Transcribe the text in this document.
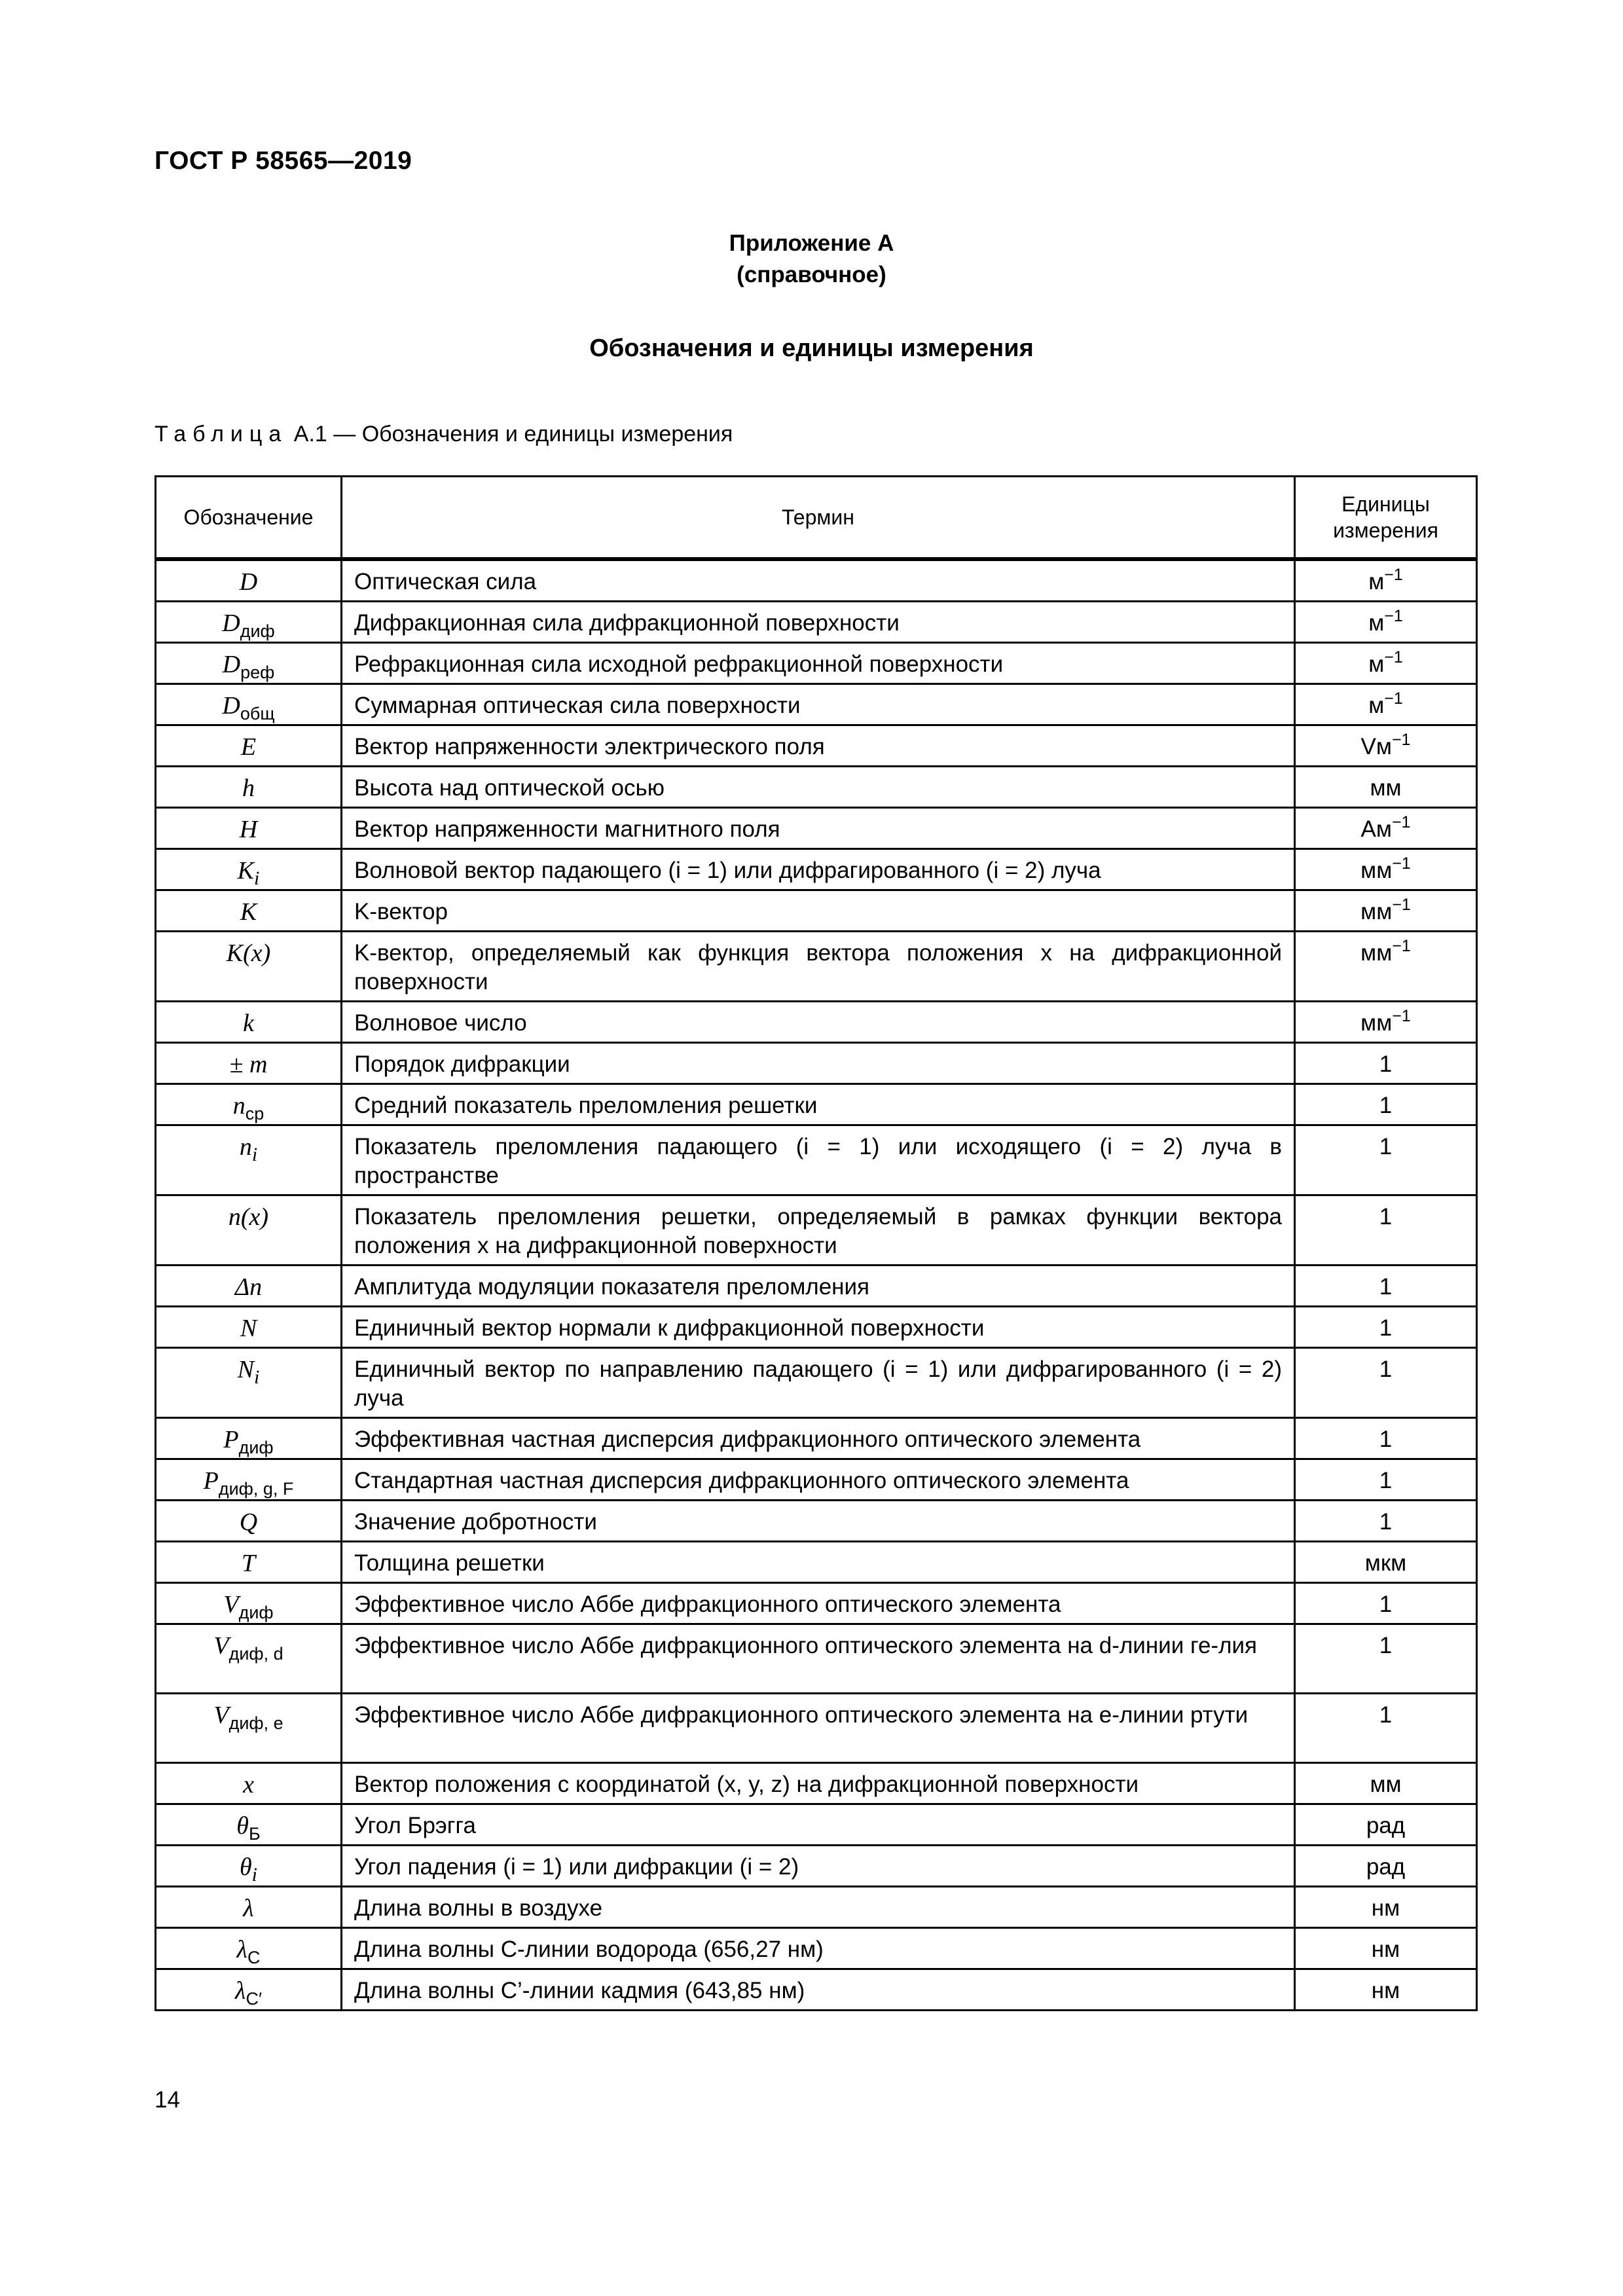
ГОСТ Р 58565—2019
Приложение А
(справочное)
Обозначения и единицы измерения
Таблица А.1 — Обозначения и единицы измерения
Обозначение	Термин	Единицы
измерения
D	Оптическая сила	$м^{-1}$
$D_{диф}$	Дифракционная сила дифракционной поверхности	$м^{-1}$
$D_{реф}$	Рефракционная сила исходной рефракционной поверхности	$м^{-1}$
$D_{общ}$	Суммарная оптическая сила поверхности	$м^{-1}$
E	Вектор напряженности электрического поля	$Vм^{-1}$
h	Высота над оптической осью	мм
H	Вектор напряженности магнитного поля	$Ам^{-1}$
$K_i$	Волновой вектор падающего (i = 1) или дифрагированного (i = 2) луча	$мм^{-1}$
K	K-вектор	$мм^{-1}$
K(x)	K-вектор, определяемый как функция вектора положения x на дифракционной поверхности	$мм^{-1}$
k	Волновое число	$мм^{-1}$
± m	Порядок дифракции	1
$n_{ср}$	Средний показатель преломления решетки	1
$n_i$	Показатель преломления падающего (i = 1) или исходящего (i = 2) луча в пространстве	1
n(x)	Показатель преломления решетки, определяемый в рамках функции вектора положения x на дифракционной поверхности	1
Δn	Амплитуда модуляции показателя преломления	1
N	Единичный вектор нормали к дифракционной поверхности	1
$N_i$	Единичный вектор по направлению падающего (i = 1) или дифрагированного (i = 2) луча	1
$P_{диф}$	Эффективная частная дисперсия дифракционного оптического элемента	1
$P_{диф, g, F}$	Стандартная частная дисперсия дифракционного оптического элемента	1
Q	Значение добротности	1
T	Толщина решетки	мкм
$V_{диф}$	Эффективное число Аббе дифракционного оптического элемента	1
$V_{диф, d}$	Эффективное число Аббе дифракционного оптического элемента на d-линии ге-лия	1
$V_{диф, е}$	Эффективное число Аббе дифракционного оптического элемента на е-линии ртути	1
x	Вектор положения с координатой (x, y, z) на дифракционной поверхности	мм
$\theta_Б$	Угол Брэгга	рад
$\theta_i$	Угол падения (i = 1) или дифракции (i = 2)	рад
λ	Длина волны в воздухе	нм
$\lambda_C$	Длина волны С-линии водорода (656,27 нм)	нм
$\lambda_{C'}$	Длина волны С’-линии кадмия (643,85 нм)	нм
14
